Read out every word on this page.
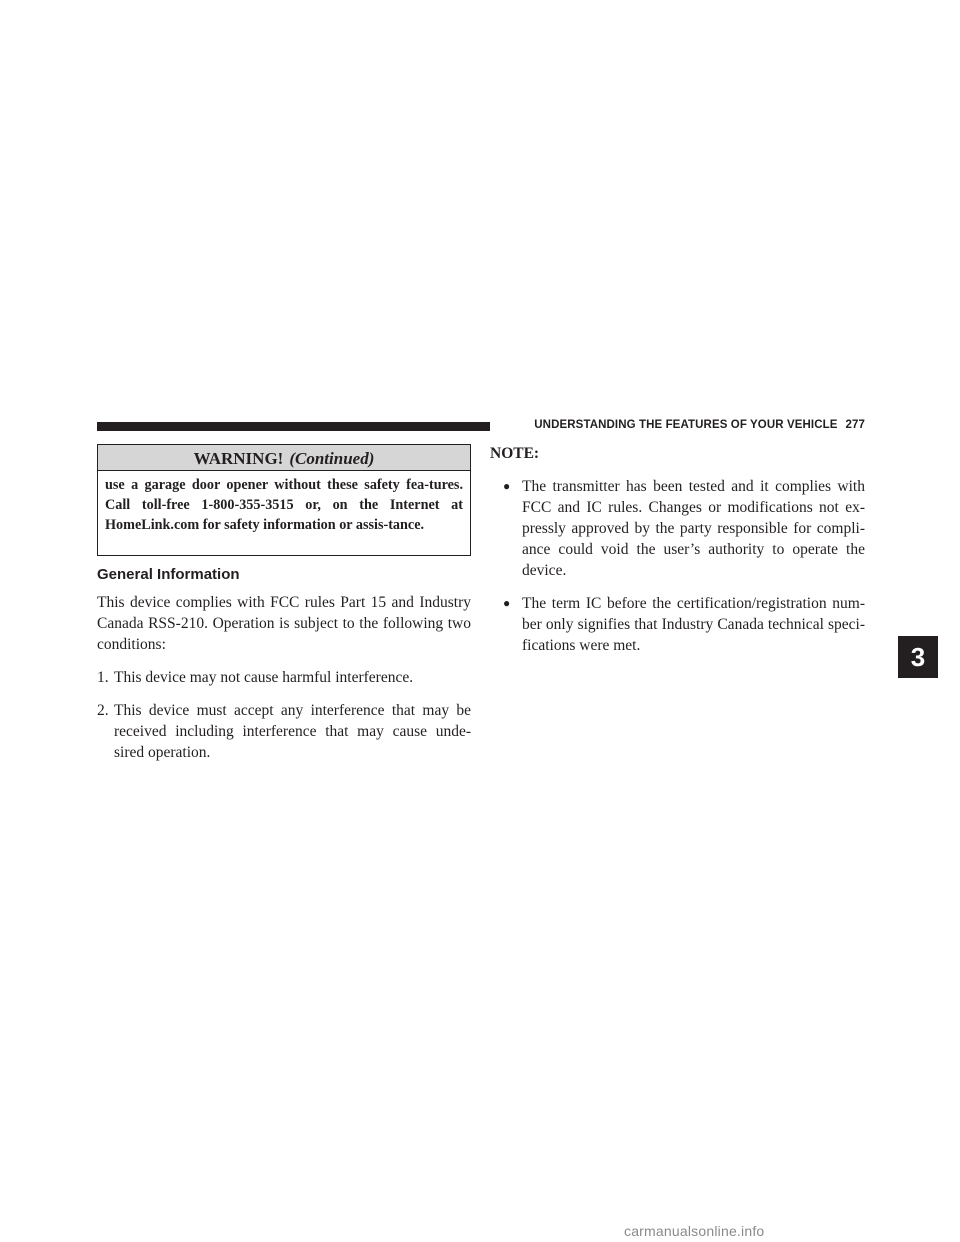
UNDERSTANDING THE FEATURES OF YOUR VEHICLE 277
WARNING! (Continued)
use a garage door opener without these safety fea-tures. Call toll-free 1-800-355-3515 or, on the Internet at HomeLink.com for safety information or assis-tance.
General Information

This device complies with FCC rules Part 15 and Industry Canada RSS-210. Operation is subject to the following two conditions:

1. This device may not cause harmful interference.
2. This device must accept any interference that may be received including interference that may cause unde-sired operation.
NOTE:
● The transmitter has been tested and it complies with FCC and IC rules. Changes or modifications not ex-pressly approved by the party responsible for compli-ance could void the user’s authority to operate the device.
● The term IC before the certification/registration num-ber only signifies that Industry Canada technical speci-fications were met.	3
carmanualsonline.info
